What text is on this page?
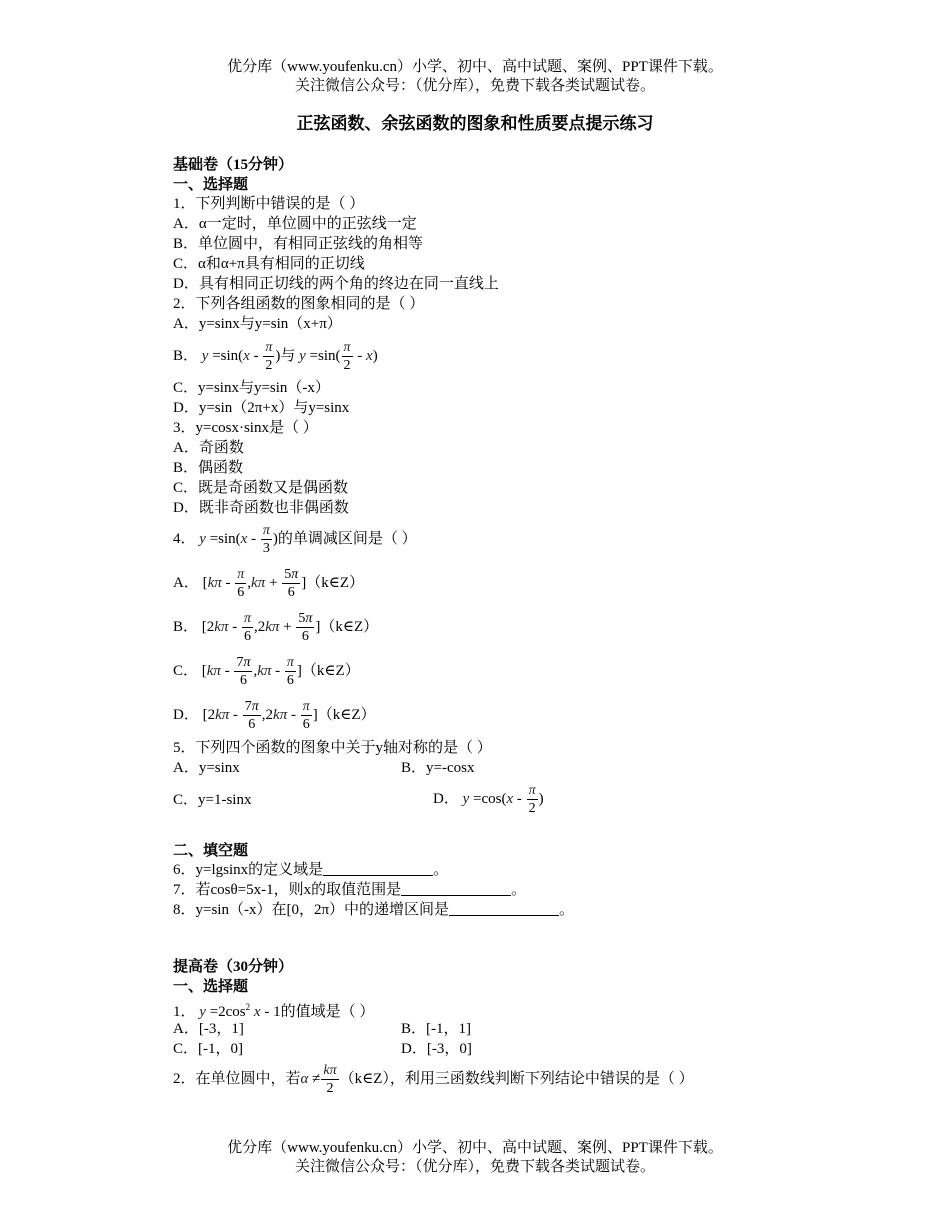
优分库（www.youfenku.cn）小学、初中、高中试题、案例、PPT课件下载。
关注微信公众号：（优分库），免费下载各类试题试卷。
正弦函数、余弦函数的图象和性质要点提示练习
基础卷（15分钟）
一、选择题
1．下列判断中错误的是（ ）
A．α一定时，单位圆中的正弦线一定
B．单位圆中，有相同正弦线的角相等
C．α和α+π具有相同的正切线
D．具有相同正切线的两个角的终边在同一直线上
2．下列各组函数的图象相同的是（ ）
A．y=sinx与y=sin（x+π）
B． $y =\sin(x - \frac{\pi}{2}$ )与 $y =\sin( \frac{\pi}{2} - x)$
C．y=sinx与y=sin（-x）
D．y=sin（2π+x）与y=sinx
3．y=cosx·sinx是（ ）
A．奇函数
B．偶函数
C．既是奇函数又是偶函数
D．既非奇函数也非偶函数
4． $y =\sin(x - \frac{\pi}{3}$ )的单调减区间是（ ）
A． [$k\pi - \frac{\pi}{6} ,k\pi + \frac{5\pi}{6}$ ]（k∈Z）
B． [$2k\pi - \frac{\pi}{6} ,2k\pi + \frac{5\pi}{6}$ ]（k∈Z）
C． [$k\pi - \frac{7\pi}{6} ,k\pi - \frac{\pi}{6}$ ]（k∈Z）
D． [$2k\pi - \frac{7\pi}{6} ,2k\pi - \frac{\pi}{6}$ ]（k∈Z）
5．下列四个函数的图象中关于y轴对称的是（ ）
A．y=sinx	B．y=-cosx
C．y=1-sinx	D． $y =\cos(x - \frac{\pi}{2}$ )
二、填空题
6．y=lgsinx的定义域是	。
7．若cosθ=5x-1，则x的取值范围是	。
8．y=sin（-x）在[0，2π）中的递增区间是	。
提高卷（30分钟）
一、选择题
1． $y =2\cos^2$ x - 1的值域是（ ）
A．[-3，1]	B．[-1，1]
C．[-1，0]	D．[-3，0]
2．在单位圆中，若$\alpha \ne \frac{k\pi}{2}$ （k∈Z），利用三函数线判断下列结论中错误的是（ ）
优分库（www.youfenku.cn）小学、初中、高中试题、案例、PPT课件下载。
关注微信公众号：（优分库），免费下载各类试题试卷。
